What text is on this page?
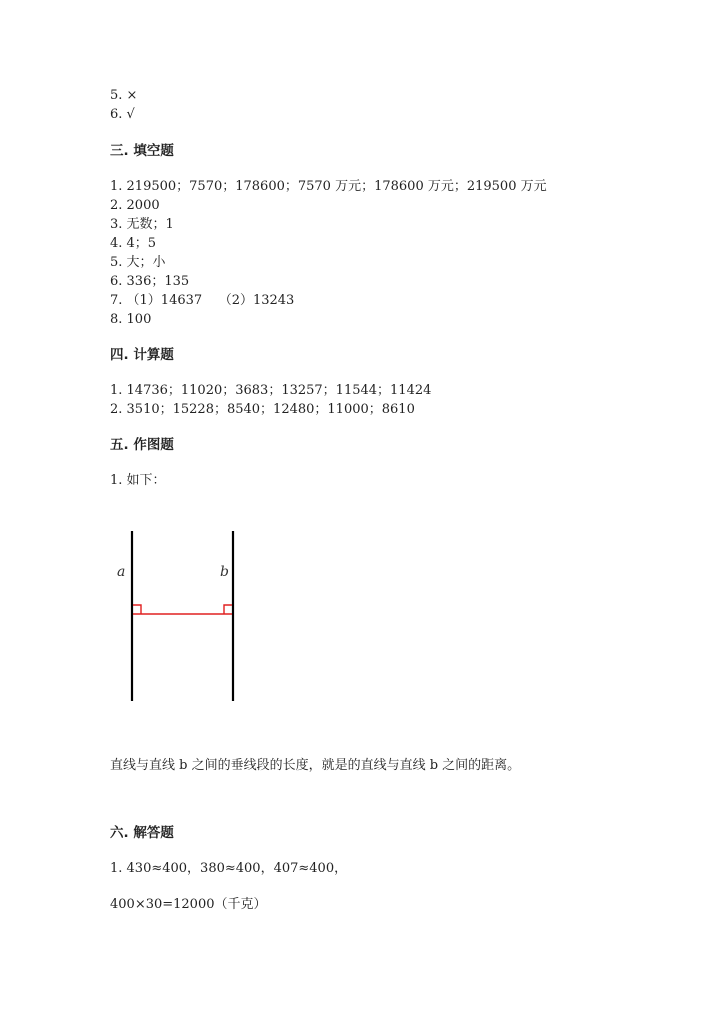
5. ×
6. √
三. 填空题
1. 219500；7570；178600；7570 万元；178600 万元；219500 万元
2. 2000
3. 无数；1
4. 4；5
5. 大；小
6. 336；135
7. （1）14637    （2）13243
8. 100
四. 计算题
1. 14736；11020；3683；13257；11544；11424
2. 3510；15228；8540；12480；11000；8610
五. 作图题
1. 如下：
a	b
直线与直线 b 之间的垂线段的长度，就是的直线与直线 b 之间的距离。
六. 解答题
1. 430≈400，380≈400，407≈400，
400×30=12000（千克）
